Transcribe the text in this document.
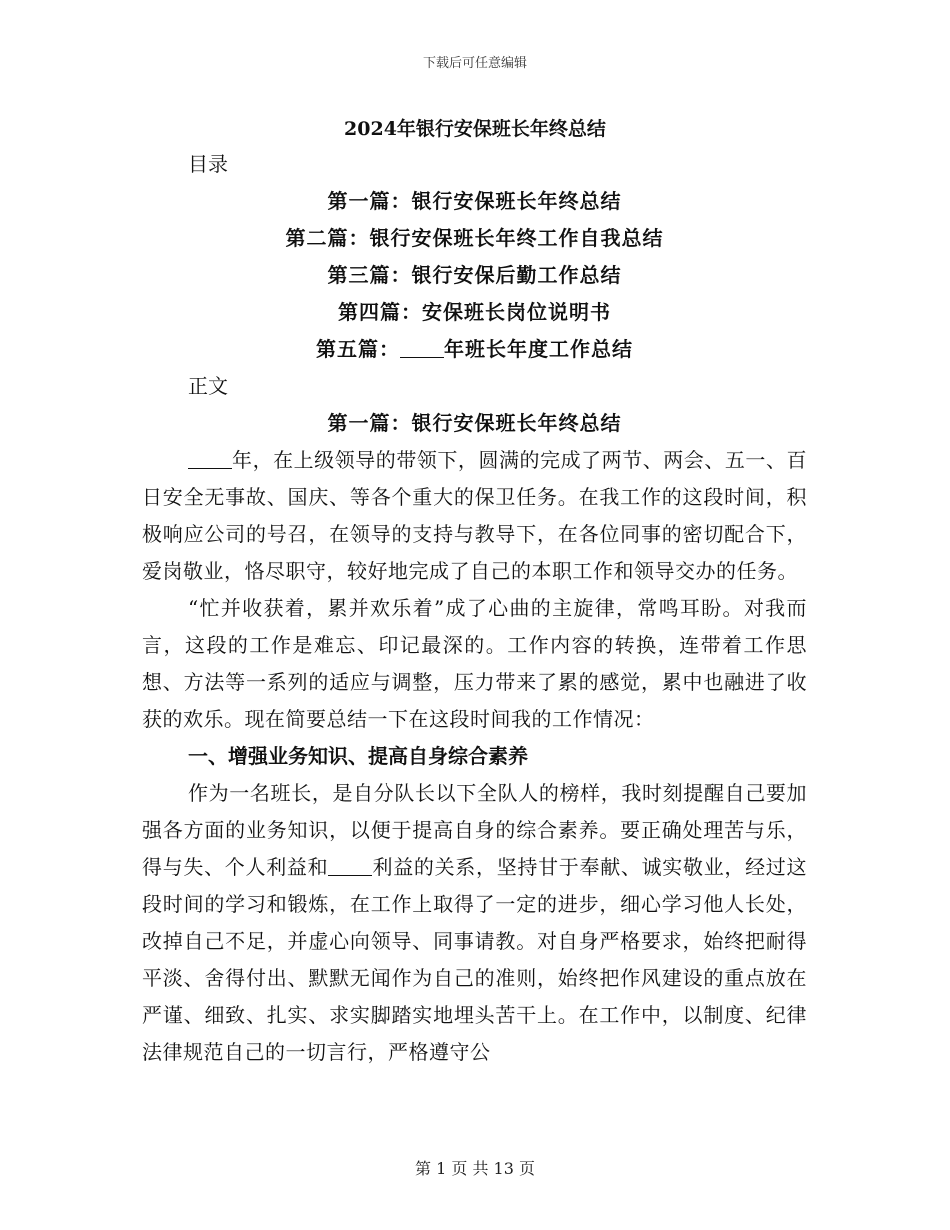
下载后可任意编辑
2024年银行安保班长年终总结

目录

第一篇：银行安保班长年终总结

第二篇：银行安保班长年终工作自我总结

第三篇：银行安保后勤工作总结

第四篇：安保班长岗位说明书

第五篇： 年班长年度工作总结

正文

第一篇：银行安保班长年终总结

年，在上级领导的带领下，圆满的完成了两节、两会、五一、百日安全无事故、国庆、等各个重大的保卫任务。在我工作的这段时间，积极响应公司的号召，在领导的支持与教导下，在各位同事的密切配合下，爱岗敬业，恪尽职守，较好地完成了自己的本职工作和领导交办的任务。

“忙并收获着，累并欢乐着”成了心曲的主旋律，常鸣耳盼。对我而言，这段的工作是难忘、印记最深的。工作内容的转换，连带着工作思想、方法等一系列的适应与调整，压力带来了累的感觉，累中也融进了收获的欢乐。现在简要总结一下在这段时间我的工作情况：

一、增强业务知识、提高自身综合素养

作为一名班长，是自分队长以下全队人的榜样，我时刻提醒自己要加强各方面的业务知识，以便于提高自身的综合素养。要正确处理苦与乐，得与失、个人利益和 利益的关系，坚持甘于奉献、诚实敬业，经过这段时间的学习和锻炼，在工作上取得了一定的进步，细心学习他人长处，改掉自己不足，并虚心向领导、同事请教。对自身严格要求，始终把耐得平淡、舍得付出、默默无闻作为自己的准则，始终把作风建设的重点放在严谨、细致、扎实、求实脚踏实地埋头苦干上。在工作中，以制度、纪律法律规范自己的一切言行，严格遵守公

第 1 页 共 13 页
